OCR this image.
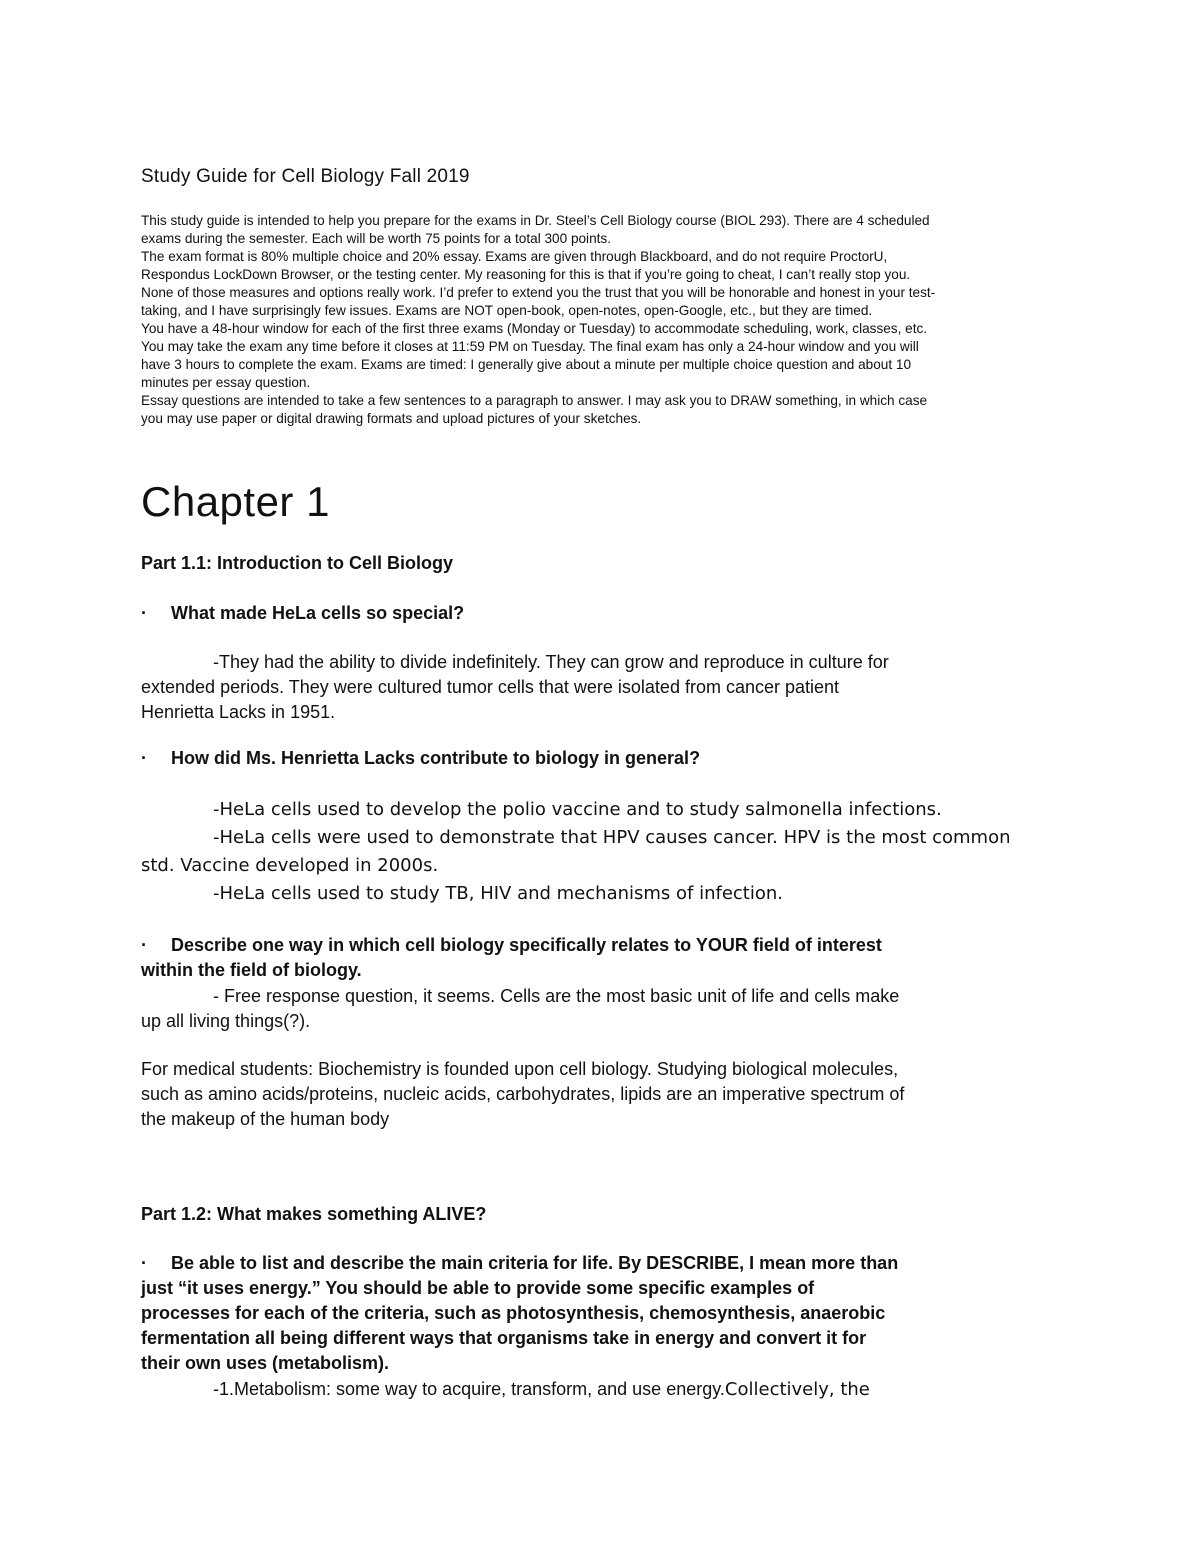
Study Guide for Cell Biology Fall 2019
This study guide is intended to help you prepare for the exams in Dr. Steel’s Cell Biology course (BIOL 293). There are 4 scheduled
exams during the semester. Each will be worth 75 points for a total 300 points.
The exam format is 80% multiple choice and 20% essay. Exams are given through Blackboard, and do not require ProctorU,
Respondus LockDown Browser, or the testing center. My reasoning for this is that if you’re going to cheat, I can’t really stop you.
None of those measures and options really work. I’d prefer to extend you the trust that you will be honorable and honest in your test-
taking, and I have surprisingly few issues. Exams are NOT open-book, open-notes, open-Google, etc., but they are timed.
You have a 48-hour window for each of the first three exams (Monday or Tuesday) to accommodate scheduling, work, classes, etc.
You may take the exam any time before it closes at 11:59 PM on Tuesday. The final exam has only a 24-hour window and you will
have 3 hours to complete the exam. Exams are timed: I generally give about a minute per multiple choice question and about 10
minutes per essay question.
Essay questions are intended to take a few sentences to a paragraph to answer. I may ask you to DRAW something, in which case
you may use paper or digital drawing formats and upload pictures of your sketches.
Chapter 1
Part 1.1: Introduction to Cell Biology
· What made HeLa cells so special?
-They had the ability to divide indefinitely. They can grow and reproduce in culture for
extended periods. They were cultured tumor cells that were isolated from cancer patient
Henrietta Lacks in 1951.
· How did Ms. Henrietta Lacks contribute to biology in general?
-HeLa cells used to develop the polio vaccine and to study salmonella infections.
-HeLa cells were used to demonstrate that HPV causes cancer. HPV is the most common
std. Vaccine developed in 2000s.
-HeLa cells used to study TB, HIV and mechanisms of infection.
· Describe one way in which cell biology specifically relates to YOUR field of interest
within the field of biology.
- Free response question, it seems. Cells are the most basic unit of life and cells make
up all living things(?).
For medical students: Biochemistry is founded upon cell biology. Studying biological molecules,
such as amino acids/proteins, nucleic acids, carbohydrates, lipids are an imperative spectrum of
the makeup of the human body
Part 1.2: What makes something ALIVE?
· Be able to list and describe the main criteria for life. By DESCRIBE, I mean more than
just “it uses energy.” You should be able to provide some specific examples of
processes for each of the criteria, such as photosynthesis, chemosynthesis, anaerobic
fermentation all being different ways that organisms take in energy and convert it for
their own uses (metabolism).
-1.Metabolism: some way to acquire, transform, and use energy.Collectively, the
